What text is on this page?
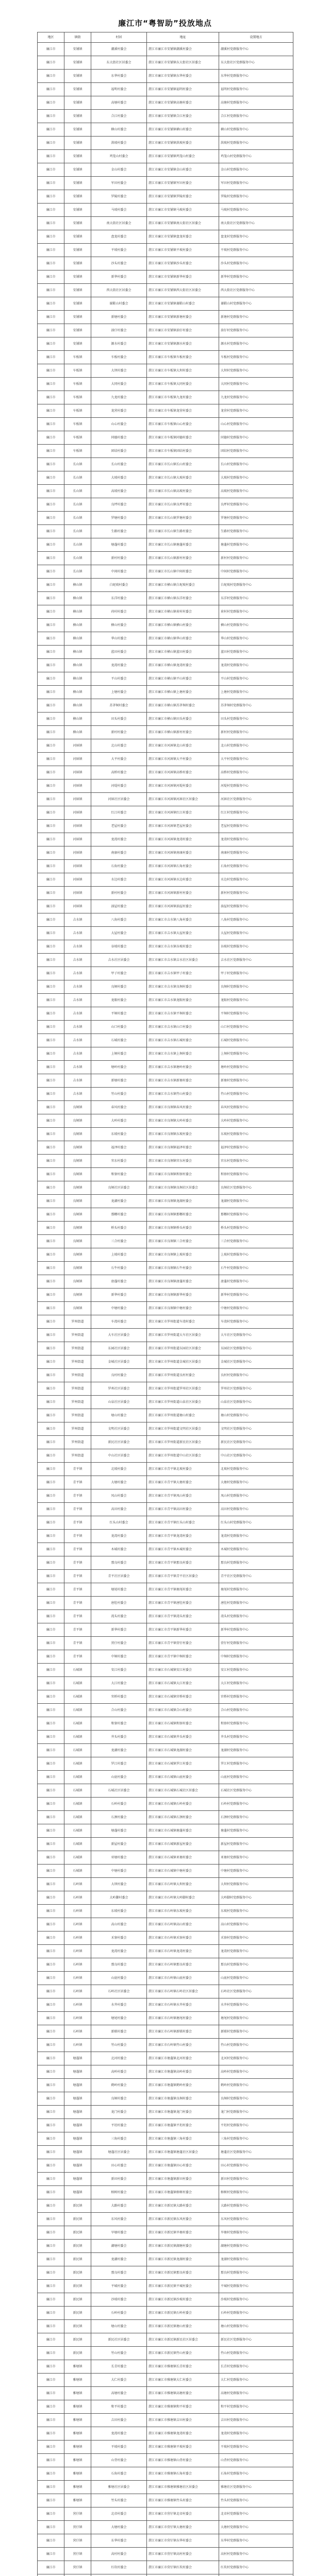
廉江市“粤智助”投放地点
地区	镇街	村居	地址	设置地方
廉江市	安铺镇	潮溪村委会	湛江市廉江市安铺镇潮溪村委会	潮溪村党群服务中心
廉江市	安铺镇	东大街社区居委会	湛江市廉江市安铺镇东大街社区居委会	东大街社区党群服务中心
廉江市	安铺镇	东华村委会	湛江市廉江市安铺镇东华村委会	东华村党群服务中心
廉江市	安铺镇	福明村委会	湛江市廉江市安铺镇福明村委会	福明村党群服务中心
廉江市	安铺镇	高塘村委会	湛江市廉江市安铺镇高塘村委会	高塘村党群服务中心
廉江市	安铺镇	合江村委会	湛江市廉江市安铺镇合江村委会	合江村党群服务中心
廉江市	安铺镇	横山村委会	湛江市廉江市安铺镇横山村委会	横山村党群服务中心
廉江市	安铺镇	洪坡村委会	湛江市廉江市安铺镇洪坡村委会	洪坡村党群服务中心
廉江市	安铺镇	鸡笼山村委会	湛江市廉江市安铺镇鸡笼山村委会	鸡笼山村党群服务中心
廉江市	安铺镇	金山村委会	湛江市廉江市安铺镇金山村委会	金山村党群服务中心
廉江市	安铺镇	军田村委会	湛江市廉江市安铺镇军田村委会	军田村党群服务中心
廉江市	安铺镇	罗陵村委会	湛江市廉江市安铺镇罗陵村委会	罗陵村党群服务中心
廉江市	安铺镇	马坡村委会	湛江市廉江市安铺镇马坡村委会	马坡村党群服务中心
廉江市	安铺镇	南大街社区居委会	湛江市廉江市安铺镇南大街社区居委会	南大街社区党群服务中心
廉江市	安铺镇	盘龙村委会	湛江市廉江市安铺镇盘龙村委会	盘龙村党群服务中心
廉江市	安铺镇	平坡村委会	湛江市廉江市安铺镇平坡村委会	平坡村党群服务中心
廉江市	安铺镇	沙头村委会	湛江市廉江市安铺镇沙头村委会	沙头村党群服务中心
廉江市	安铺镇	新华村委会	湛江市廉江市安铺镇新华村委会	新华村党群服务中心
廉江市	安铺镇	西大街社区居委会	湛江市廉江市安铺镇西大街社区居委会	西大街社区党群服务中心
廉江市	安铺镇	谢鞋山村委会	湛江市廉江市安铺镇谢鞋山村委会	谢鞋山村党群服务中心
廉江市	安铺镇	新塘村委会	湛江市廉江市安铺镇新塘村委会	新塘村党群服务中心
廉江市	安铺镇	油仔村委会	湛江市廉江市安铺镇油仔村委会	油仔村党群服务中心
廉江市	安铺镇	源水村委会	湛江市廉江市安铺镇源水村委会	源水村党群服务中心
廉江市	车板镇	车板村委会	湛江市廉江市车板镇车板村委会	车板村党群服务中心
廉江市	车板镇	大坝村委会	湛江市廉江市车板镇大坝村委会	大坝村党群服务中心
廉江市	车板镇	大同村委会	湛江市廉江市车板镇大同村委会	大同村党群服务中心
廉江市	车板镇	九龙村委会	湛江市廉江市车板镇九龙村委会	九龙村党群服务中心
廉江市	车板镇	龙营村委会	湛江市廉江市车板镇龙营村委会	龙营村党群服务中心
廉江市	车板镇	山心村委会	湛江市廉江市车板镇山心村委会	山心村党群服务中心
廉江市	车板镇	同德村委会	湛江市廉江市车板镇同德村委会	同德村党群服务中心
廉江市	车板镇	团结村委会	湛江市廉江市车板镇团结村委会	团结村党群服务中心
廉江市	长山镇	长山村委会	湛江市廉江市长山镇长山村委会	长山村党群服务中心
廉江市	长山镇	大坡村委会	湛江市廉江市长山镇大坡村委会	大坡村党群服务中心
廉江市	长山镇	高坡村委会	湛江市廉江市长山镇高坡村委会	高坡村党群服务中心
廉江市	长山镇	良坪村委会	湛江市廉江市长山镇良坪村委会	良坪村党群服务中心
廉江市	长山镇	罗塘村委会	湛江市廉江市长山镇罗塘村委会	罗塘村党群服务中心
廉江市	长山镇	生路村委会	湛江市廉江市长山镇生路村委会	生路村党群服务中心
廉江市	长山镇	塘蓬村委会	湛江市廉江市长山镇塘蓬村委会	塘蓬村党群服务中心
廉江市	长山镇	新村村委会	湛江市廉江市长山镇新村村委会	新村村党群服务中心
廉江市	长山镇	中间村委会	湛江市廉江市长山镇中间村委会	中间村党群服务中心
廉江市	横山镇	白坭坡村委会	湛江市廉江市横山镇白坭坡村委会	白坭坡村党群服务中心
廉江市	横山镇	东洋村委会	湛江市廉江市横山镇东洋村委会	东洋村党群服务中心
廉江市	横山镇	荷村村委会	湛江市廉江市横山镇荷村村委会	荷村村党群服务中心
廉江市	横山镇	横山村委会	湛江市廉江市横山镇横山村委会	横山村党群服务中心
廉江市	横山镇	华山村委会	湛江市廉江市横山镇华山村委会	华山村党群服务中心
廉江市	横山镇	蓝田村委会	湛江市廉江市横山镇蓝田村委会	蓝田村党群服务中心
廉江市	横山镇	龙湾村委会	湛江市廉江市横山镇龙湾村委会	龙湾村党群服务中心
廉江市	横山镇	平山村委会	湛江市廉江市横山镇平山村委会	平山村党群服务中心
廉江市	横山镇	上塘村委会	湛江市廉江市横山镇上塘村委会	上塘村党群服务中心
廉江市	横山镇	苏茅垌村委会	湛江市廉江市横山镇苏茅垌村委会	苏茅垌村党群服务中心
廉江市	横山镇	田头村委会	湛江市廉江市横山镇田头村委会	田头村党群服务中心
廉江市	横山镇	新村村委会	湛江市廉江市横山镇新村村委会	新村村党群服务中心
廉江市	河唇镇	北山村委会	湛江市廉江市河唇镇北山村委会	北山村党群服务中心
廉江市	河唇镇	大平村委会	湛江市廉江市河唇镇大平村委会	大平村党群服务中心
廉江市	河唇镇	高桥村委会	湛江市廉江市河唇镇高桥村委会	高桥村党群服务中心
廉江市	河唇镇	河堤村委会	湛江市廉江市河唇镇河堤村委会	河堤村党群服务中心
廉江市	河唇镇	河唇社区居委会	湛江市廉江市河唇镇河唇社区居委会	河唇社区党群服务中心
廉江市	河唇镇	红江村委会	湛江市廉江市河唇镇红江村委会	红江村党群服务中心
廉江市	河唇镇	老屋村委会	湛江市廉江市河唇镇老屋村委会	老屋村党群服务中心
廉江市	河唇镇	龙湾村委会	湛江市廉江市河唇镇龙湾村委会	龙湾村党群服务中心
廉江市	河唇镇	南康村委会	湛江市廉江市河唇镇南康村委会	南康村党群服务中心
廉江市	河唇镇	石角村委会	湛江市廉江市河唇镇石角村委会	石角村党群服务中心
廉江市	河唇镇	水边村委会	湛江市廉江市河唇镇水边村委会	水边村党群服务中心
廉江市	河唇镇	新村村委会	湛江市廉江市河唇镇新村村委会	新村村党群服务中心
廉江市	河唇镇	油屋村委会	湛江市廉江市河唇镇油屋村委会	油屋村党群服务中心
廉江市	吉水镇	八角村委会	湛江市廉江市吉水镇八角村委会	八角村党群服务中心
廉江市	吉水镇	大屋村委会	湛江市廉江市吉水镇大屋村委会	大屋村党群服务中心
廉江市	吉水镇	谷坡村委会	湛江市廉江市吉水镇谷坡村委会	谷坡村党群服务中心
廉江市	吉水镇	吉水社区居委会	湛江市廉江市吉水镇吉水社区居委会	吉水社区党群服务中心
廉江市	吉水镇	甲子村委会	湛江市廉江市吉水镇甲子村委会	甲子村党群服务中心
廉江市	吉水镇	良垌村委会	湛江市廉江市吉水镇良垌村委会	良垌村党群服务中心
廉江市	吉水镇	龙眼村委会	湛江市廉江市吉水镇龙眼村委会	龙眼村党群服务中心
廉江市	吉水镇	平垌村委会	湛江市廉江市吉水镇平垌村委会	平垌村党群服务中心
廉江市	吉水镇	山口村委会	湛江市廉江市吉水镇山口村委会	山口村党群服务中心
廉江市	吉水镇	石城村委会	湛江市廉江市吉水镇石城村委会	石城村党群服务中心
廉江市	吉水镇	上垌村委会	湛江市廉江市吉水镇上垌村委会	上垌村党群服务中心
廉江市	吉水镇	塘岭村委会	湛江市廉江市吉水镇塘岭村委会	塘岭村党群服务中心
廉江市	吉水镇	新塘村委会	湛江市廉江市吉水镇新塘村委会	新塘村党群服务中心
廉江市	吉水镇	竹山村委会	湛江市廉江市吉水镇竹山村委会	竹山村党群服务中心
廉江市	良垌镇	春风村委会	湛江市廉江市良垌镇春风村委会	春风村党群服务中心
廉江市	良垌镇	大岭村委会	湛江市廉江市良垌镇大岭村委会	大岭村党群服务中心
廉江市	良垌镇	东坡村委会	湛江市廉江市良垌镇东坡村委会	东坡村党群服务中心
廉江市	良垌镇	福泽村委会	湛江市廉江市良垌镇福泽村委会	福泽村党群服务中心
廉江市	良垌镇	官东村委会	湛江市廉江市良垌镇官东村委会	官东村党群服务中心
廉江市	良垌镇	和寮村委会	湛江市廉江市良垌镇和寮村委会	和寮村党群服务中心
廉江市	良垌镇	良垌社区居委会	湛江市廉江市良垌镇良垌社区居委会	良垌社区党群服务中心
廉江市	良垌镇	龙湖村委会	湛江市廉江市良垌镇龙湖村委会	龙湖村党群服务中心
廉江市	良垌镇	那榔村委会	湛江市廉江市良垌镇那榔村委会	那榔村党群服务中心
廉江市	良垌镇	桥头村委会	湛江市廉江市良垌镇桥头村委会	桥头村党群服务中心
廉江市	良垌镇	三合村委会	湛江市廉江市良垌镇三合村委会	三合村党群服务中心
廉江市	良垌镇	上坡村委会	湛江市廉江市良垌镇上坡村委会	上坡村党群服务中心
廉江市	良垌镇	石牛村委会	湛江市廉江市良垌镇石牛村委会	石牛村党群服务中心
廉江市	良垌镇	唐蓬村委会	湛江市廉江市良垌镇唐蓬村委会	唐蓬村党群服务中心
廉江市	良垌镇	新华村委会	湛江市廉江市良垌镇新华村委会	新华村党群服务中心
廉江市	良垌镇	中塘村委会	湛江市廉江市良垌镇中塘村委会	中塘村党群服务中心
廉江市	罗州街道	车湾村委会	湛江市廉江市罗州街道车湾村委会	车湾村党群服务中心
廉江市	罗州街道	大车社区居委会	湛江市廉江市罗州街道大车社区居委会	大车社区党群服务中心
廉江市	罗州街道	东园社区居委会	湛江市廉江市罗州街道东园社区居委会	东园社区党群服务中心
廉江市	罗州街道	金城社区居委会	湛江市廉江市罗州街道金城社区居委会	金城社区党群服务中心
廉江市	罗州街道	良村村委会	湛江市廉江市罗州街道良村村委会	良村村党群服务中心
廉江市	罗州街道	罗州社区居委会	湛江市廉江市罗州街道罗州社区居委会	罗州社区党群服务中心
廉江市	罗州街道	山泉社区居委会	湛江市廉江市罗州街道山泉社区居委会	山泉社区党群服务中心
廉江市	罗州街道	塘山村委会	湛江市廉江市罗州街道塘山村委会	塘山村党群服务中心
廉江市	罗州街道	文明社区居委会	湛江市廉江市罗州街道文明社区居委会	文明社区党群服务中心
廉江市	罗州街道	新民社区居委会	湛江市廉江市罗州街道新民社区居委会	新民社区党群服务中心
廉江市	罗州街道	中山社区居委会	湛江市廉江市罗州街道中山社区居委会	中山社区党群服务中心
廉江市	青平镇	北坡村委会	湛江市廉江市青平镇北坡村委会	北坡村党群服务中心
廉江市	青平镇	大塘村委会	湛江市廉江市青平镇大塘村委会	大塘村党群服务中心
廉江市	青平镇	凤山村委会	湛江市廉江市青平镇凤山村委会	凤山村党群服务中心
廉江市	青平镇	高田村委会	湛江市廉江市青平镇高田村委会	高田村党群服务中心
廉江市	青平镇	红头山村委会	湛江市廉江市青平镇红头山村委会	红头山村党群服务中心
廉江市	青平镇	龙湾村委会	湛江市廉江市青平镇龙湾村委会	龙湾村党群服务中心
廉江市	青平镇	木城村委会	湛江市廉江市青平镇木城村委会	木城村党群服务中心
廉江市	青平镇	那良村委会	湛江市廉江市青平镇那良村委会	那良村党群服务中心
廉江市	青平镇	青平社区居委会	湛江市廉江市青平镇青平社区居委会	青平社区党群服务中心
廉江市	青平镇	塘尾村委会	湛江市廉江市青平镇塘尾村委会	塘尾村党群服务中心
廉江市	青平镇	唐肚村委会	湛江市廉江市青平镇唐肚村委会	唐肚村党群服务中心
廉江市	青平镇	湾头村委会	湛江市廉江市青平镇湾头村委会	湾头村党群服务中心
廉江市	青平镇	新华村委会	湛江市廉江市青平镇新华村委会	新华村党群服务中心
廉江市	青平镇	营仔村委会	湛江市廉江市青平镇营仔村委会	营仔村党群服务中心
廉江市	青平镇	中垌村委会	湛江市廉江市青平镇中垌村委会	中垌村党群服务中心
廉江市	石城镇	安江村委会	湛江市廉江市石城镇安江村委会	安江村党群服务中心
廉江市	石城镇	大江村委会	湛江市廉江市石城镇大江村委会	大江村党群服务中心
廉江市	石城镇	官桥村委会	湛江市廉江市石城镇官桥村委会	官桥村党群服务中心
廉江市	石城镇	合山村委会	湛江市廉江市石城镇合山村委会	合山村党群服务中心
廉江市	石城镇	和寮村委会	湛江市廉江市石城镇和寮村委会	和寮村党群服务中心
廉江市	石城镇	井头村委会	湛江市廉江市石城镇井头村委会	井头村党群服务中心
廉江市	石城镇	龙湖村委会	湛江市廉江市石城镇龙湖村委会	龙湖村党群服务中心
廉江市	石城镇	罗江村委会	湛江市廉江市石城镇罗江村委会	罗江村党群服务中心
廉江市	石城镇	山底村委会	湛江市廉江市石城镇山底村委会	山底村党群服务中心
廉江市	石城镇	石城社区居委会	湛江市廉江市石城镇石城社区居委会	石城社区党群服务中心
廉江市	石城镇	石岭村委会	湛江市廉江市石城镇石岭村委会	石岭村党群服务中心
廉江市	石城镇	石颈村委会	湛江市廉江市石城镇石颈村委会	石颈村党群服务中心
廉江市	石城镇	塘蓬村委会	湛江市廉江市石城镇塘蓬村委会	塘蓬村党群服务中心
廉江市	石城镇	新屋村委会	湛江市廉江市石城镇新屋村委会	新屋村党群服务中心
廉江市	石城镇	亚塘村委会	湛江市廉江市石城镇亚塘村委会	亚塘村党群服务中心
廉江市	石城镇	中塘村委会	湛江市廉江市石城镇中塘村委会	中塘村党群服务中心
廉江市	石岭镇	大坝村委会	湛江市廉江市石岭镇大坝村委会	大坝村党群服务中心
廉江市	石岭镇	大岭脚村委会	湛江市廉江市石岭镇大岭脚村委会	大岭脚村党群服务中心
廉江市	石岭镇	东坡村委会	湛江市廉江市石岭镇东坡村委会	东坡村党群服务中心
廉江市	石岭镇	高山村委会	湛江市廉江市石岭镇高山村委会	高山村党群服务中心
廉江市	石岭镇	禾寮村委会	湛江市廉江市石岭镇禾寮村委会	禾寮村党群服务中心
廉江市	石岭镇	龙湾村委会	湛江市廉江市石岭镇龙湾村委会	龙湾村党群服务中心
廉江市	石岭镇	那良村委会	湛江市廉江市石岭镇那良村委会	那良村党群服务中心
廉江市	石岭镇	山底村委会	湛江市廉江市石岭镇山底村委会	山底村党群服务中心
廉江市	石岭镇	石岭社区居委会	湛江市廉江市石岭镇石岭社区居委会	石岭社区党群服务中心
廉江市	石岭镇	水井村委会	湛江市廉江市石岭镇水井村委会	水井村党群服务中心
廉江市	石岭镇	塘尾村委会	湛江市廉江市石岭镇塘尾村委会	塘尾村党群服务中心
廉江市	石岭镇	新联村委会	湛江市廉江市石岭镇新联村委会	新联村党群服务中心
廉江市	石岭镇	竹山村委会	湛江市廉江市石岭镇竹山村委会	竹山村党群服务中心
廉江市	塘蓬镇	北河村委会	湛江市廉江市塘蓬镇北河村委会	北河村党群服务中心
廉江市	塘蓬镇	高岭村委会	湛江市廉江市塘蓬镇高岭村委会	高岭村党群服务中心
廉江市	塘蓬镇	鹤岭村委会	湛江市廉江市塘蓬镇鹤岭村委会	鹤岭村党群服务中心
廉江市	塘蓬镇	良垌村委会	湛江市廉江市塘蓬镇良垌村委会	良垌村党群服务中心
廉江市	塘蓬镇	龙门村委会	湛江市廉江市塘蓬镇龙门村委会	龙门村党群服务中心
廉江市	塘蓬镇	平坦村委会	湛江市廉江市塘蓬镇平坦村委会	平坦村党群服务中心
廉江市	塘蓬镇	三角村委会	湛江市廉江市塘蓬镇三角村委会	三角村党群服务中心
廉江市	塘蓬镇	塘蓬社区居委会	湛江市廉江市塘蓬镇塘蓬社区居委会	塘蓬社区党群服务中心
廉江市	塘蓬镇	田心村委会	湛江市廉江市塘蓬镇田心村委会	田心村党群服务中心
廉江市	塘蓬镇	新田村委会	湛江市廉江市塘蓬镇新田村委会	新田村党群服务中心
廉江市	塘蓬镇	榕树村委会	湛江市廉江市塘蓬镇榕树村委会	榕树村党群服务中心
廉江市	新民镇	大路村委会	湛江市廉江市新民镇大路村委会	大路村党群服务中心
廉江市	新民镇	东风村委会	湛江市廉江市新民镇东风村委会	东风村党群服务中心
廉江市	新民镇	旱塘村委会	湛江市廉江市新民镇旱塘村委会	旱塘村党群服务中心
廉江市	新民镇	湖塘村委会	湛江市廉江市新民镇湖塘村委会	湖塘村党群服务中心
廉江市	新民镇	龙湖村委会	湛江市廉江市新民镇龙湖村委会	龙湖村党群服务中心
廉江市	新民镇	那良村委会	湛江市廉江市新民镇那良村委会	那良村党群服务中心
廉江市	新民镇	平城村委会	湛江市廉江市新民镇平城村委会	平城村党群服务中心
廉江市	新民镇	沙坡村委会	湛江市廉江市新民镇沙坡村委会	沙坡村党群服务中心
廉江市	新民镇	石岭村委会	湛江市廉江市新民镇石岭村委会	石岭村党群服务中心
廉江市	新民镇	塘山村委会	湛江市廉江市新民镇塘山村委会	塘山村党群服务中心
廉江市	新民镇	新民社区居委会	湛江市廉江市新民镇新民社区居委会	新民社区党群服务中心
廉江市	新民镇	竹山村委会	湛江市廉江市新民镇竹山村委会	竹山村党群服务中心
廉江市	雅塘镇	长青村委会	湛江市廉江市雅塘镇长青村委会	长青村党群服务中心
廉江市	雅塘镇	大仁村委会	湛江市廉江市雅塘镇大仁村委会	大仁村党群服务中心
廉江市	雅塘镇	高塘村委会	湛江市廉江市雅塘镇高塘村委会	高塘村党群服务中心
廉江市	雅塘镇	和平村委会	湛江市廉江市雅塘镇和平村委会	和平村党群服务中心
廉江市	雅塘镇	吉田村委会	湛江市廉江市雅塘镇吉田村委会	吉田村党群服务中心
廉江市	雅塘镇	龙湾村委会	湛江市廉江市雅塘镇龙湾村委会	龙湾村党群服务中心
廉江市	雅塘镇	平坡村委会	湛江市廉江市雅塘镇平坡村委会	平坡村党群服务中心
廉江市	雅塘镇	山背村委会	湛江市廉江市雅塘镇山背村委会	山背村党群服务中心
廉江市	雅塘镇	石角村委会	湛江市廉江市雅塘镇石角村委会	石角村党群服务中心
廉江市	雅塘镇	雅塘社区居委会	湛江市廉江市雅塘镇雅塘社区居委会	雅塘社区党群服务中心
廉江市	雅塘镇	竹头村委会	湛江市廉江市雅塘镇竹头村委会	竹头村党群服务中心
廉江市	营仔镇	北帝村委会	湛江市廉江市营仔镇北帝村委会	北帝村党群服务中心
廉江市	营仔镇	大塘村委会	湛江市廉江市营仔镇大塘村委会	大塘村党群服务中心
廉江市	营仔镇	东华村委会	湛江市廉江市营仔镇东华村委会	东华村党群服务中心
廉江市	营仔镇	高村村委会	湛江市廉江市营仔镇高村村委会	高村村党群服务中心
廉江市	营仔镇	红坎村委会	湛江市廉江市营仔镇红坎村委会	红坎村党群服务中心
